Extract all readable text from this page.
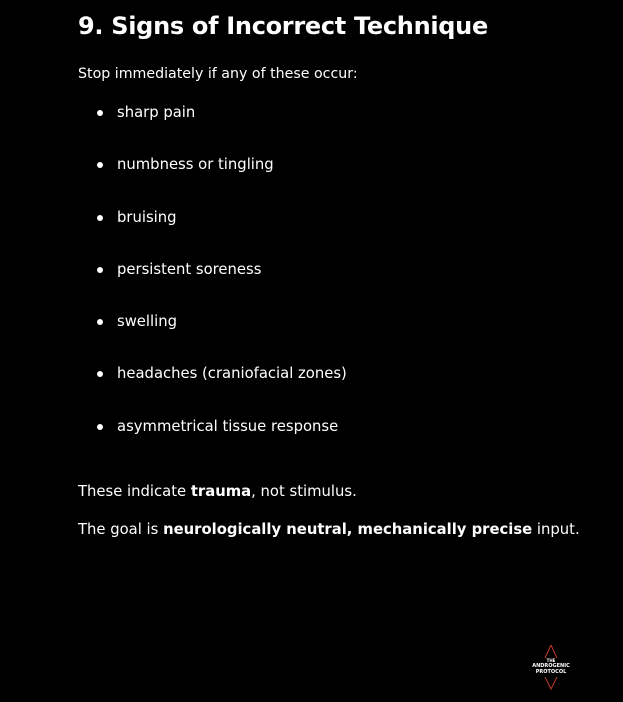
9. Signs of Incorrect Technique

Stop immediately if any of these occur:

sharp pain
numbness or tingling
bruising
persistent soreness
swelling
headaches (craniofacial zones)
asymmetrical tissue response

These indicate trauma, not stimulus.

The goal is neurologically neutral, mechanically precise input.

THE
ANDROGENIC
PROTOCOL
